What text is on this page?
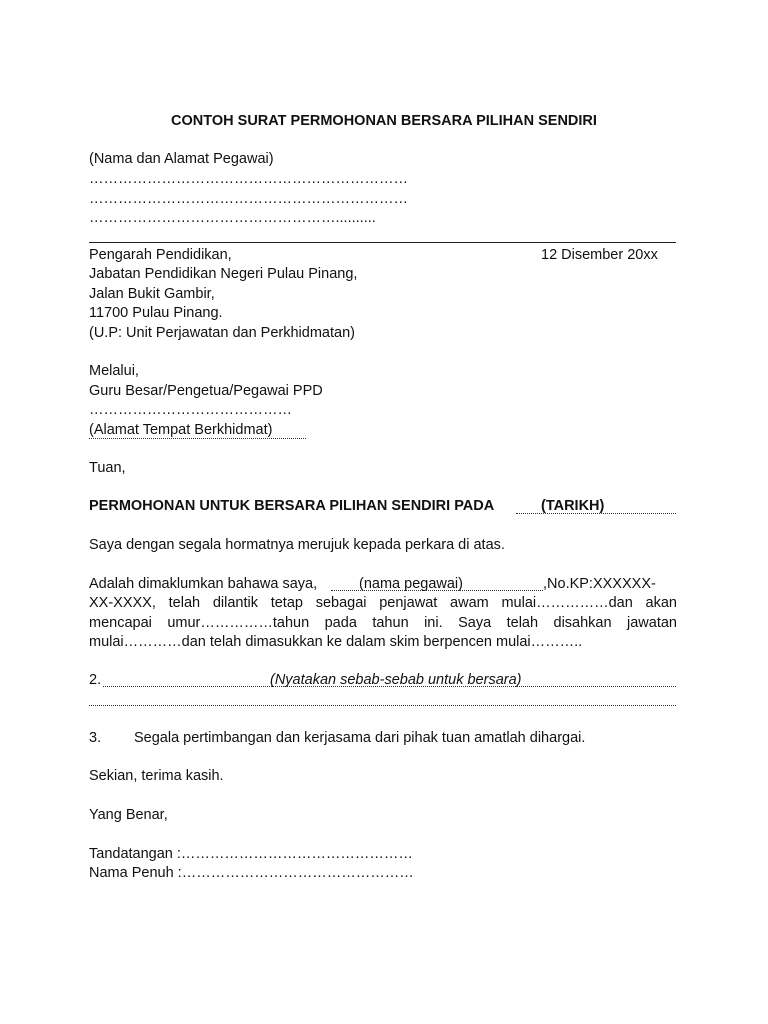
CONTOH SURAT PERMOHONAN BERSARA PILIHAN SENDIRI
(Nama dan Alamat Pegawai)
…………………………………………………………
…………………………………………………………
……………………………………………..........
Pengarah Pendidikan,	12 Disember 20xx
Jabatan Pendidikan Negeri Pulau Pinang,
Jalan Bukit Gambir,
11700 Pulau Pinang.
(U.P: Unit Perjawatan dan Perkhidmatan)
Melalui,
Guru Besar/Pengetua/Pegawai PPD
……………………………………
(Alamat Tempat Berkhidmat)
Tuan,
PERMOHONAN UNTUK BERSARA PILIHAN SENDIRI PADA	(TARIKH)
Saya dengan segala hormatnya merujuk kepada perkara di atas.
Adalah dimaklumkan bahawa saya,	(nama pegawai)	,No.KP:XXXXXX-
XX-XXXX, telah dilantik tetap sebagai penjawat awam mulai……………dan akan
mencapai umur……………tahun pada tahun ini. Saya telah disahkan jawatan
mulai…………dan telah dimasukkan ke dalam skim berpencen mulai………..
2.	(Nyatakan sebab-sebab untuk bersara)
3. Segala pertimbangan dan kerjasama dari pihak tuan amatlah dihargai.
Sekian, terima kasih.
Yang Benar,
Tandatangan :…………………………………………
Nama Penuh :…………………………………………
